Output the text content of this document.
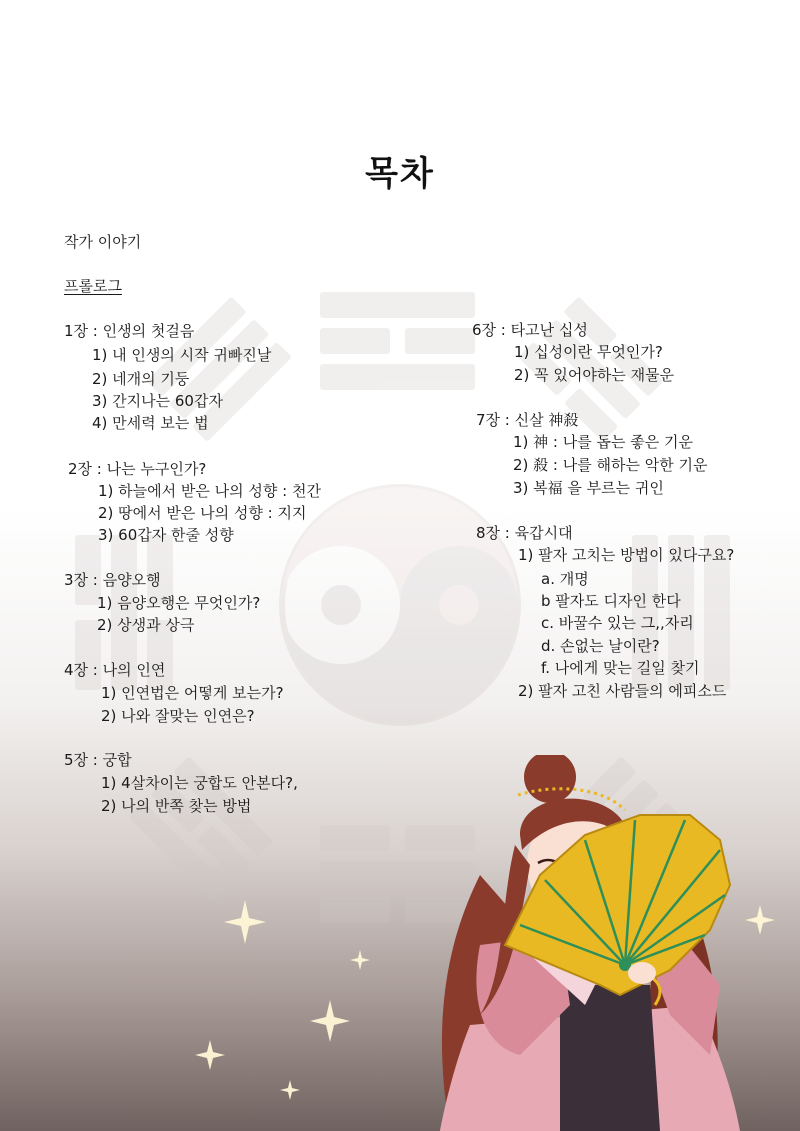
목차
작가 이야기
프롤로그
1장 : 인생의 첫걸음
1) 내 인생의 시작 귀빠진날
2) 네개의 기둥
3) 간지나는 60갑자
4) 만세력 보는 법
2장 : 나는 누구인가?
1) 하늘에서 받은 나의 성향 : 천간
2) 땅에서 받은 나의 성향 : 지지
3) 60갑자 한줄 성향
3장 : 음양오행
1) 음양오행은 무엇인가?
2) 상생과 상극
4장 : 나의 인연
1) 인연법은 어떻게 보는가?
2) 나와 잘맞는 인연은?
5장 : 궁합
1) 4살차이는 궁합도 안본다?,
2) 나의 반쪽 찾는 방법
6장 : 타고난 십성
1) 십성이란 무엇인가?
2) 꼭 있어야하는 재물운
7장 : 신살 神殺
1) 神 : 나를 돕는 좋은 기운
2) 殺 : 나를 해하는 악한 기운
3) 복福 을 부르는 귀인
8장 : 육갑시대
1) 팔자 고치는 방법이 있다구요?
a. 개명
b 팔자도 디자인 한다
c. 바꿀수 있는 그,,자리
d. 손없는 날이란?
f. 나에게 맞는 길일 찾기
2) 팔자 고친 사람들의 에피소드
